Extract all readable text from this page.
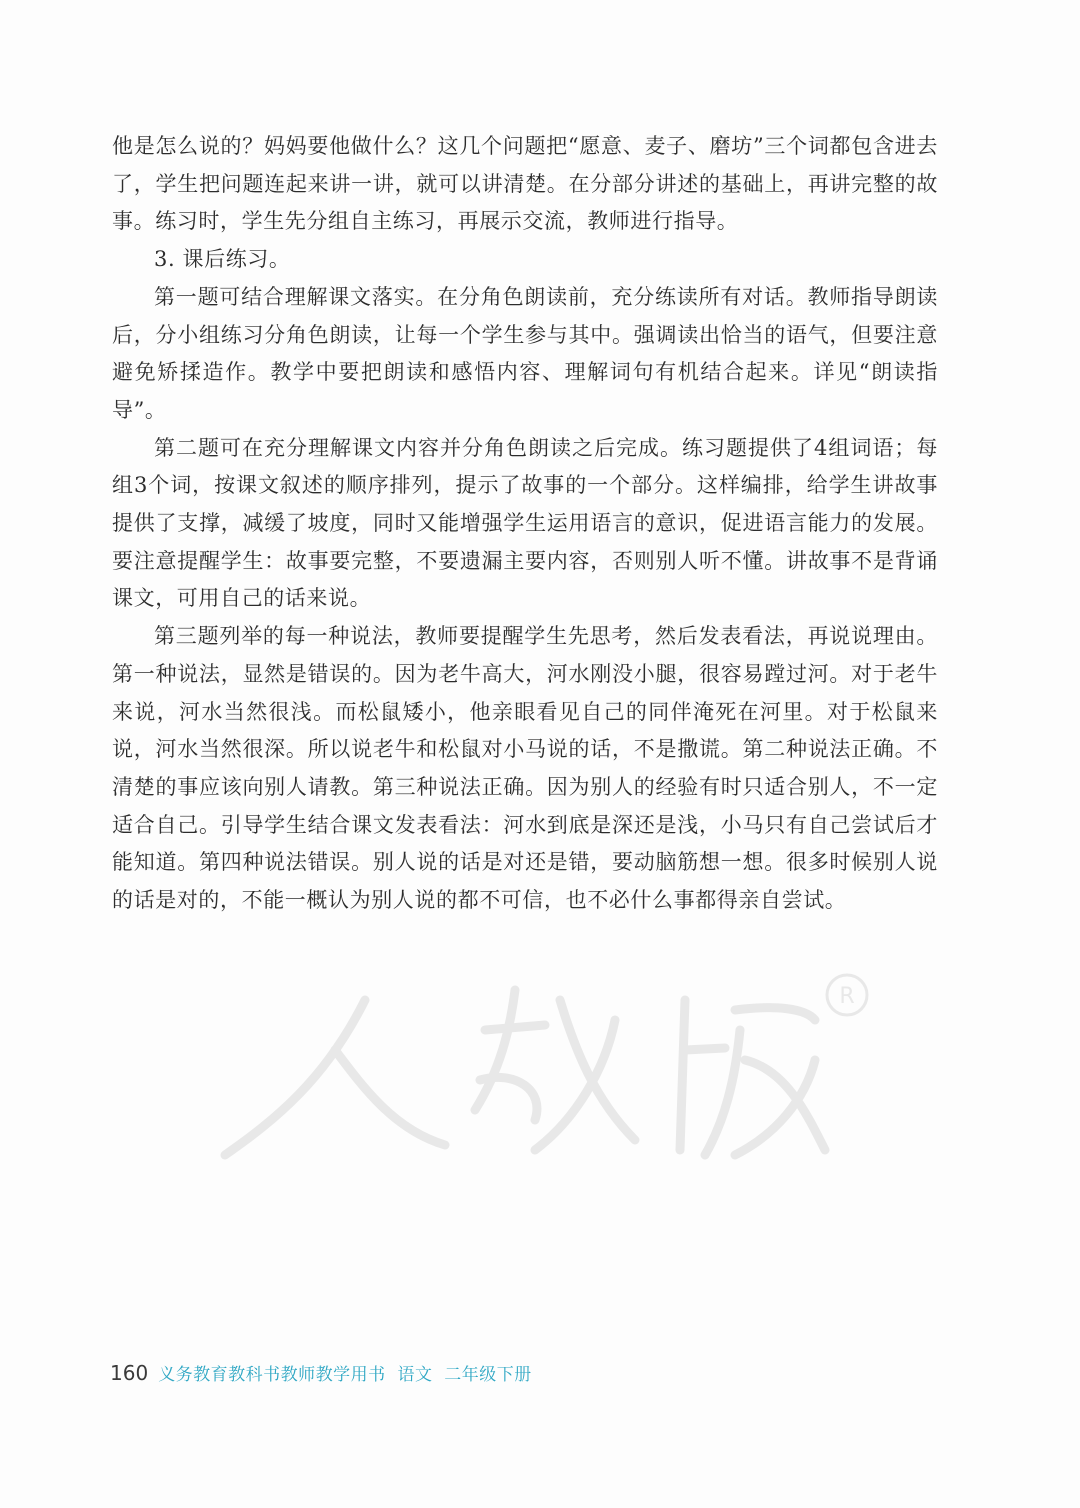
他是怎么说的？妈妈要他做什么？这几个问题把“愿意、麦子、磨坊”三个词都包含进去了，学生把问题连起来讲一讲，就可以讲清楚。在分部分讲述的基础上，再讲完整的故事。练习时，学生先分组自主练习，再展示交流，教师进行指导。

3. 课后练习。

第一题可结合理解课文落实。在分角色朗读前，充分练读所有对话。教师指导朗读后，分小组练习分角色朗读，让每一个学生参与其中。强调读出恰当的语气，但要注意避免矫揉造作。教学中要把朗读和感悟内容、理解词句有机结合起来。详见“朗读指导”。

第二题可在充分理解课文内容并分角色朗读之后完成。练习题提供了4组词语；每组3个词，按课文叙述的顺序排列，提示了故事的一个部分。这样编排，给学生讲故事提供了支撑，减缓了坡度，同时又能增强学生运用语言的意识，促进语言能力的发展。要注意提醒学生：故事要完整，不要遗漏主要内容，否则别人听不懂。讲故事不是背诵课文，可用自己的话来说。

第三题列举的每一种说法，教师要提醒学生先思考，然后发表看法，再说说理由。第一种说法，显然是错误的。因为老牛高大，河水刚没小腿，很容易蹚过河。对于老牛来说，河水当然很浅。而松鼠矮小，他亲眼看见自己的同伴淹死在河里。对于松鼠来说，河水当然很深。所以说老牛和松鼠对小马说的话，不是撒谎。第二种说法正确。不清楚的事应该向别人请教。第三种说法正确。因为别人的经验有时只适合别人，不一定适合自己。引导学生结合课文发表看法：河水到底是深还是浅，小马只有自己尝试后才能知道。第四种说法错误。别人说的话是对还是错，要动脑筋想一想。很多时候别人说的话是对的，不能一概认为别人说的都不可信，也不必什么事都得亲自尝试。

R
160 义务教育教科书教师教学用书  语文  二年级下册
